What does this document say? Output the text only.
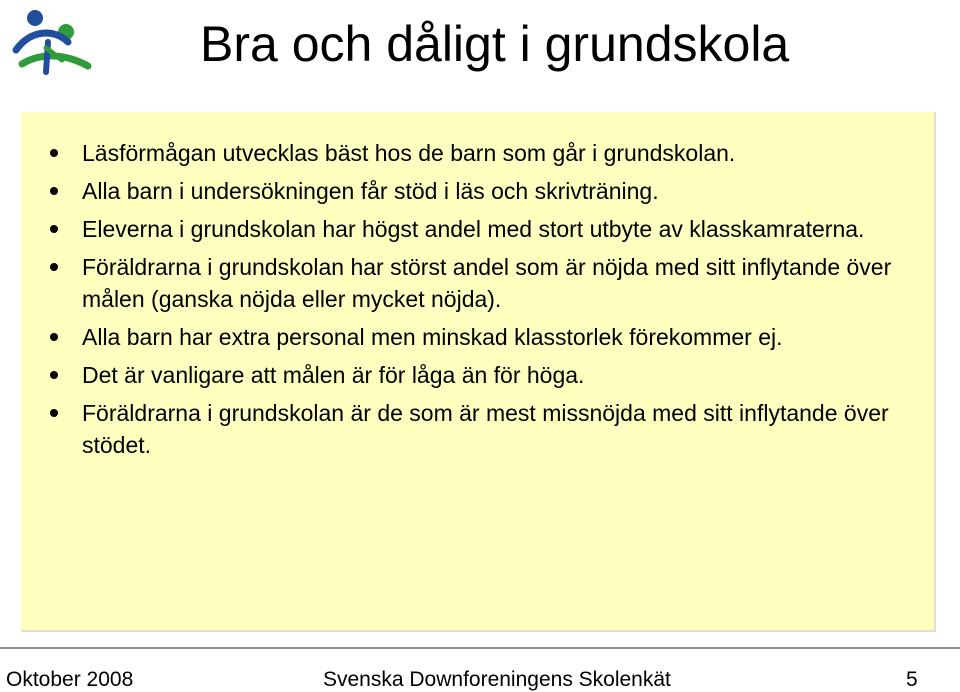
Bra och dåligt i grundskola
Läsförmågan utvecklas bäst hos de barn som går i grundskolan.
Alla barn i undersökningen får stöd i läs och skrivträning.
Eleverna i grundskolan har högst andel med stort utbyte av klasskamraterna.
Föräldrarna i grundskolan har störst andel som är nöjda med sitt inflytande över målen (ganska nöjda eller mycket nöjda).
Alla barn har extra personal men minskad klasstorlek förekommer ej.
Det är vanligare att målen är för låga än för höga.
Föräldrarna i grundskolan är de som är mest missnöjda med sitt inflytande över stödet.
Oktober 2008	Svenska Downforeningens Skolenkät	5
